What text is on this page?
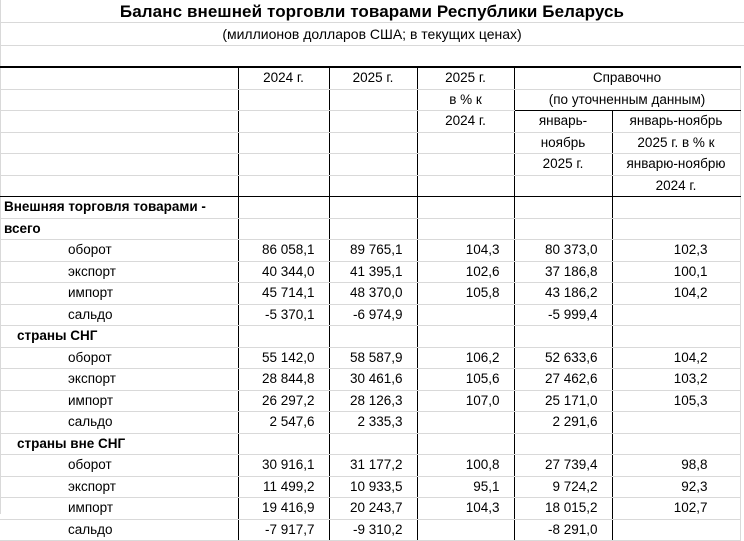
Баланс внешней торговли товарами Республики Беларусь
(миллионов долларов США; в текущих ценах)
	2024 г.	2025 г.	2025 г.	Справочно	
			в % к	(по уточненным данным)	
			2024 г.	январь-	январь-ноябрь
				ноябрь	2025 г. в % к
				2025 г.	январю-ноябрю
					2024 г.
Внешняя торговля товарами -					
всего					
оборот	86 058,1	89 765,1	104,3	80 373,0	102,3
экспорт	40 344,0	41 395,1	102,6	37 186,8	100,1
импорт	45 714,1	48 370,0	105,8	43 186,2	104,2
сальдо	-5 370,1	-6 974,9		-5 999,4	
страны СНГ					
оборот	55 142,0	58 587,9	106,2	52 633,6	104,2
экспорт	28 844,8	30 461,6	105,6	27 462,6	103,2
импорт	26 297,2	28 126,3	107,0	25 171,0	105,3
сальдо	2 547,6	2 335,3		2 291,6	
страны вне СНГ					
оборот	30 916,1	31 177,2	100,8	27 739,4	98,8
экспорт	11 499,2	10 933,5	95,1	9 724,2	92,3
импорт	19 416,9	20 243,7	104,3	18 015,2	102,7
сальдо	-7 917,7	-9 310,2		-8 291,0	
